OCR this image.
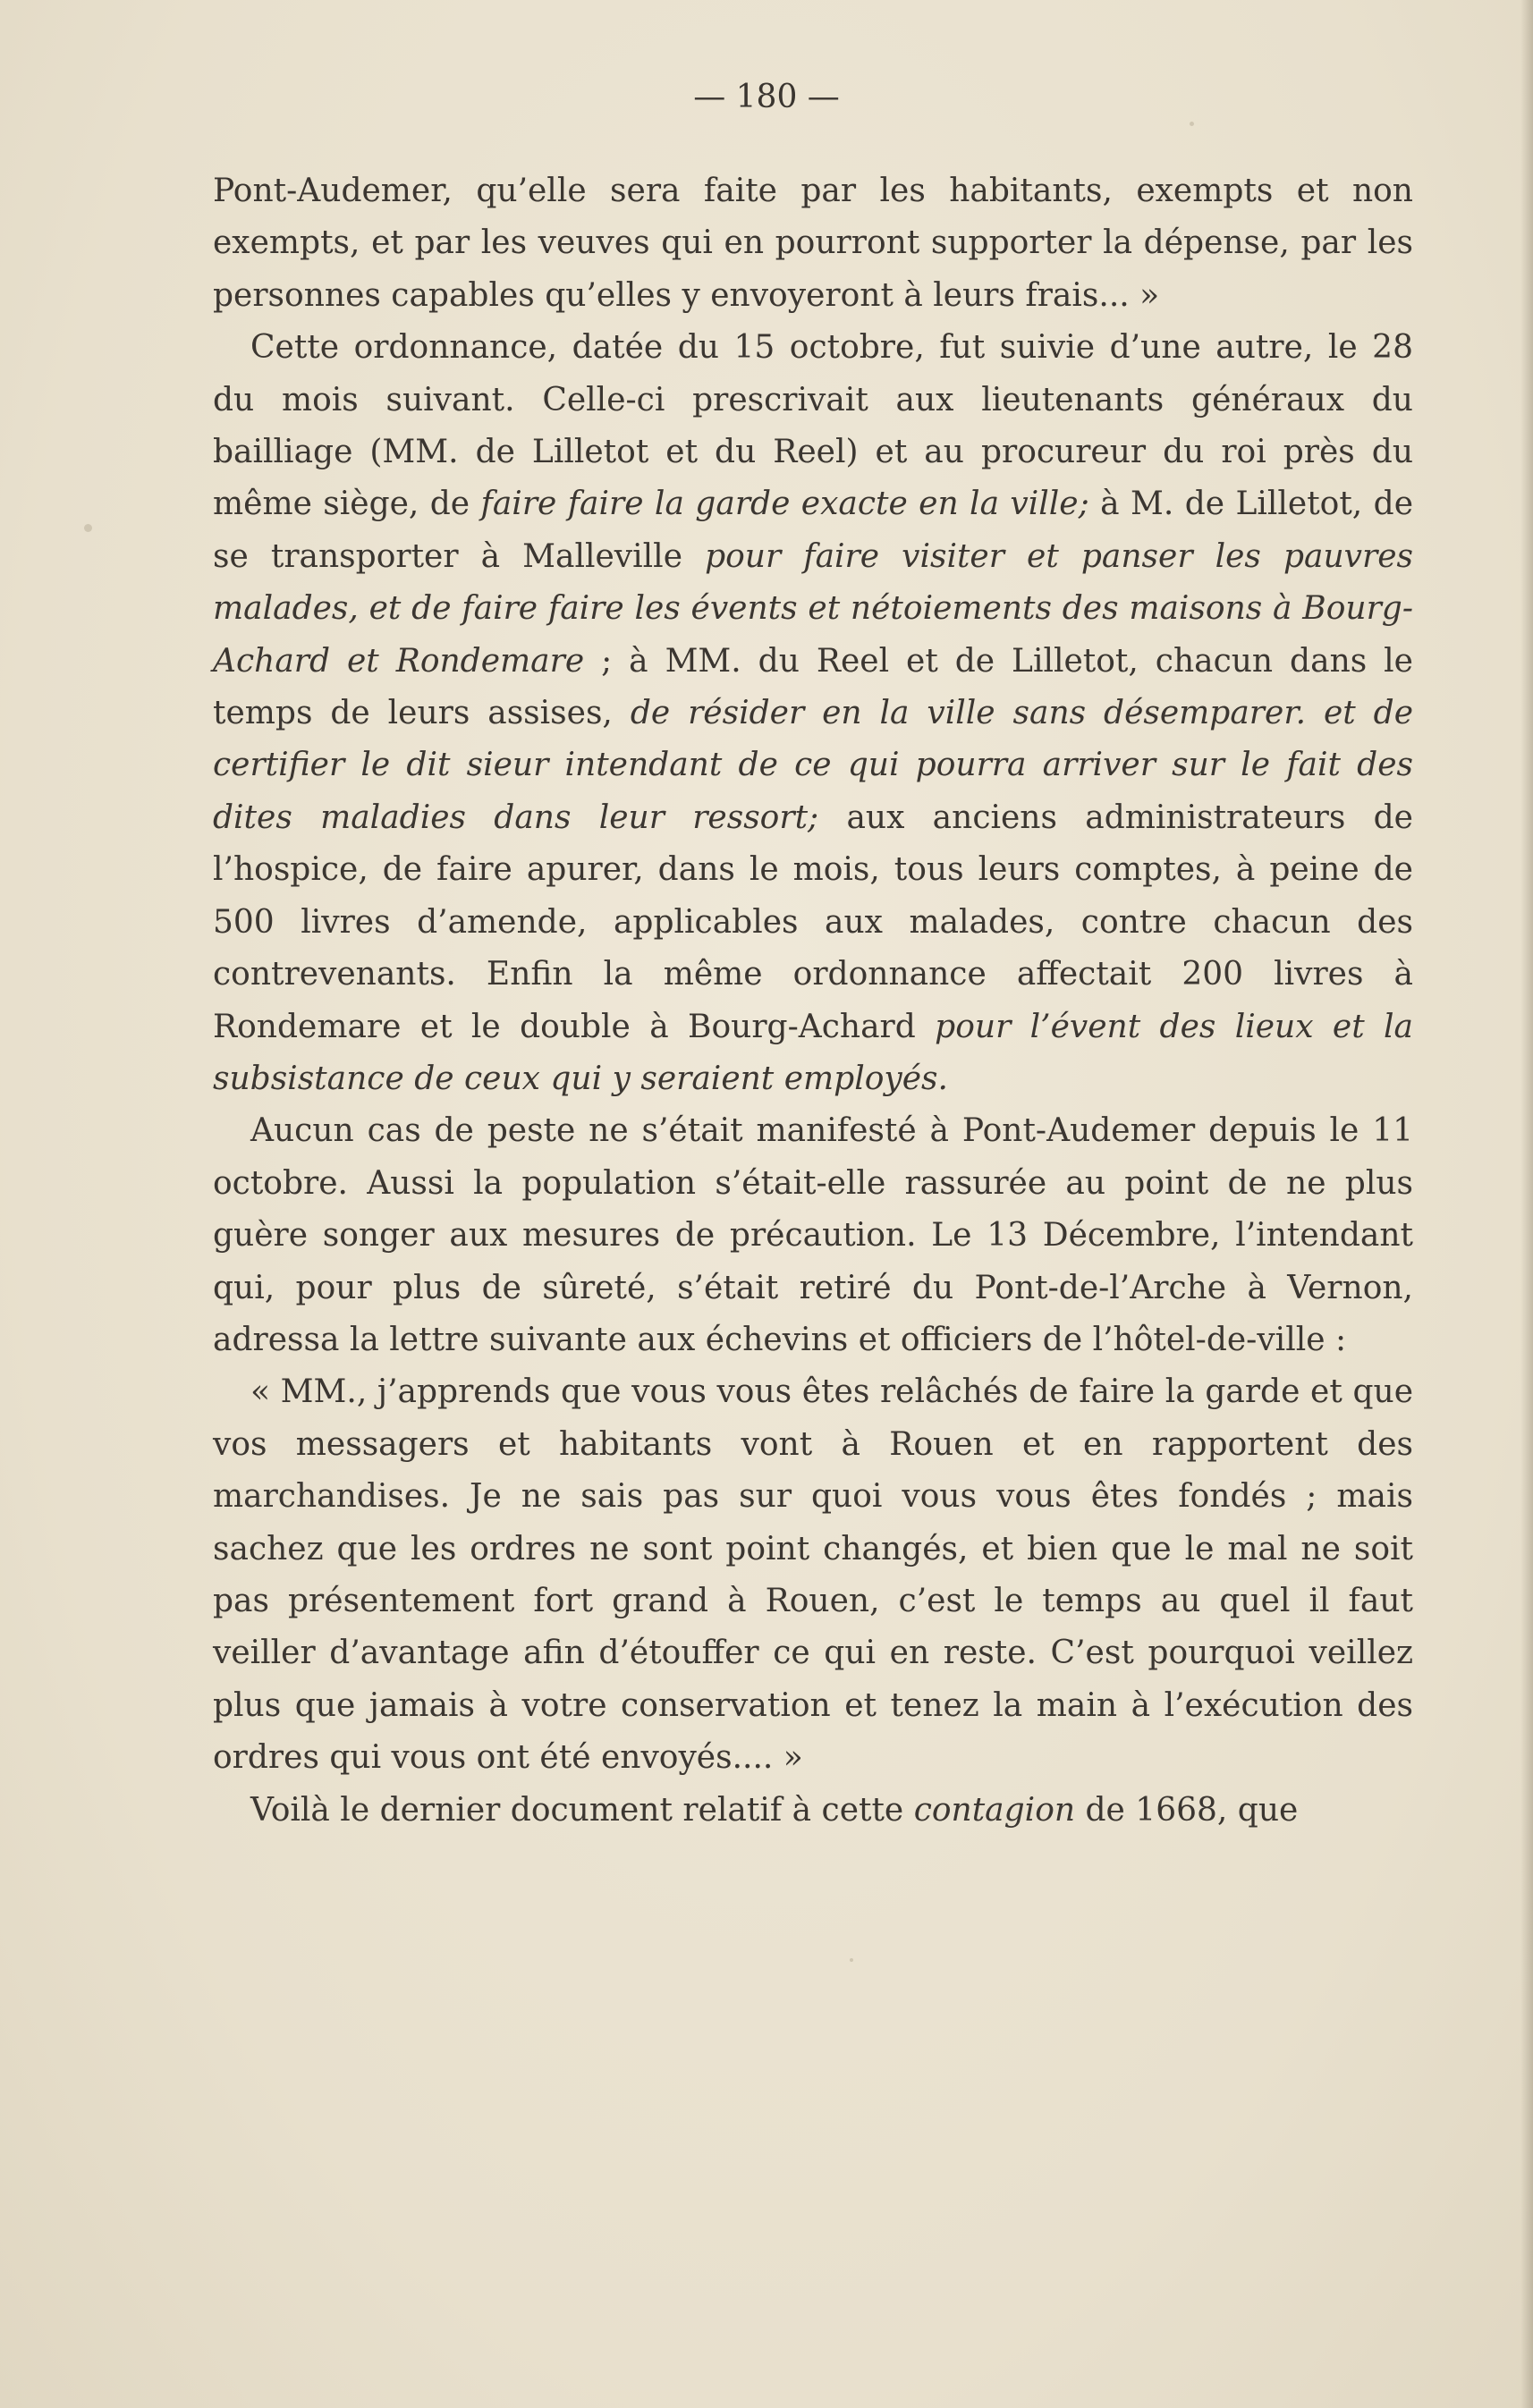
— 180 —

Pont-Audemer, qu’elle sera faite par les habitants, exempts et non exempts, et par les veuves qui en pourront supporter la dépense, par les personnes capables qu’elles y envoyeront à leurs frais... »

Cette ordonnance, datée du 15 octobre, fut suivie d’une autre, le 28 du mois suivant. Celle-ci prescrivait aux lieutenants généraux du bailliage (MM. de Lilletot et du Reel) et au procureur du roi près du même siège, de faire faire la garde exacte en la ville; à M. de Lilletot, de se transporter à Malleville pour faire visiter et panser les pauvres malades, et de faire faire les évents et nétoiements des maisons à Bourg-Achard et Rondemare ; à MM. du Reel et de Lilletot, chacun dans le temps de leurs assises, de résider en la ville sans désemparer. et de certifier le dit sieur intendant de ce qui pourra arriver sur le fait des dites maladies dans leur ressort; aux anciens administrateurs de l’hospice, de faire apurer, dans le mois, tous leurs comptes, à peine de 500 livres d’amende, applicables aux malades, contre chacun des contrevenants. Enfin la même ordonnance affectait 200 livres à Rondemare et le double à Bourg-Achard pour l’évent des lieux et la subsistance de ceux qui y seraient employés.

Aucun cas de peste ne s’était manifesté à Pont-Audemer depuis le 11 octobre. Aussi la population s’était-elle rassurée au point de ne plus guère songer aux mesures de précaution. Le 13 Décembre, l’intendant qui, pour plus de sûreté, s’était retiré du Pont-de-l’Arche à Vernon, adressa la lettre suivante aux échevins et officiers de l’hôtel-de-ville :

« MM., j’apprends que vous vous êtes relâchés de faire la garde et que vos messagers et habitants vont à Rouen et en rapportent des marchandises. Je ne sais pas sur quoi vous vous êtes fondés ; mais sachez que les ordres ne sont point changés, et bien que le mal ne soit pas présentement fort grand à Rouen, c’est le temps au quel il faut veiller d’avantage afin d’étouffer ce qui en reste. C’est pourquoi veillez plus que jamais à votre conservation et tenez la main à l’exécution des ordres qui vous ont été envoyés.... »

Voilà le dernier document relatif à cette contagion de 1668, que
